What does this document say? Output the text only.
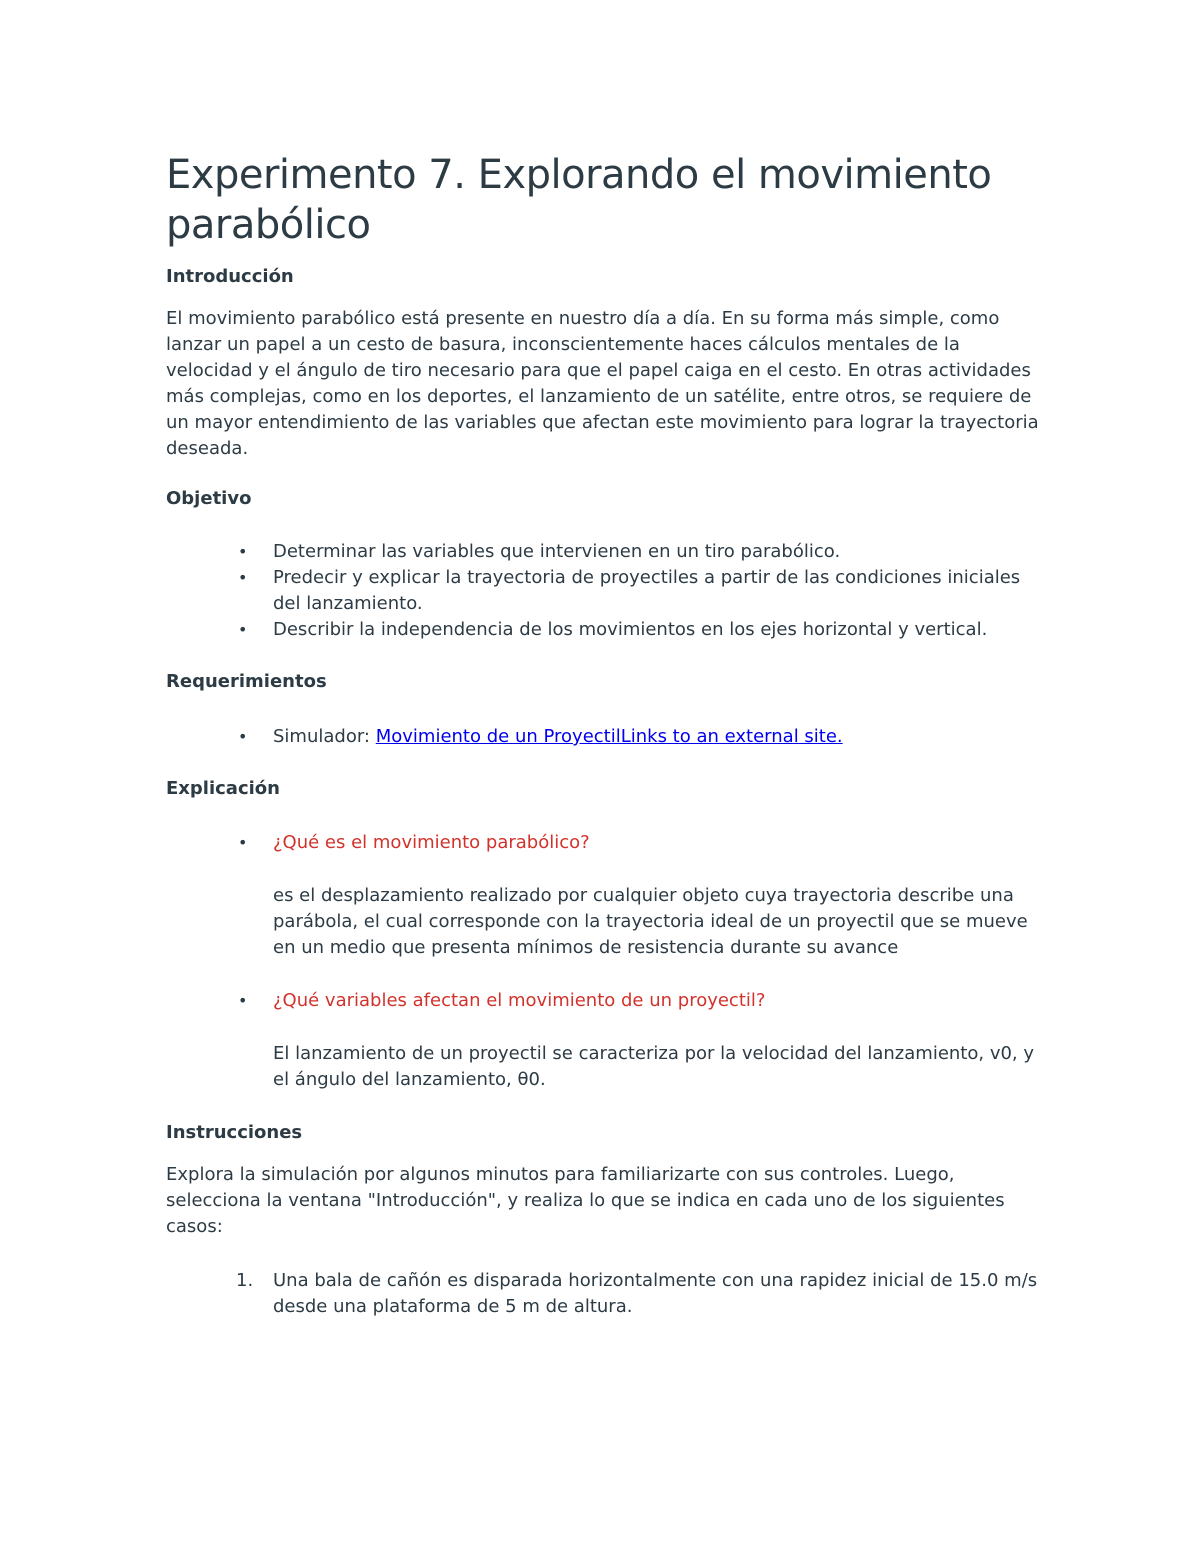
Experimento 7. Explorando el movimiento
parabólico
Introducción

El movimiento parabólico está presente en nuestro día a día. En su forma más simple, como lanzar un papel a un cesto de basura, inconscientemente haces cálculos mentales de la velocidad y el ángulo de tiro necesario para que el papel caiga en el cesto. En otras actividades más complejas, como en los deportes, el lanzamiento de un satélite, entre otros, se requiere de un mayor entendimiento de las variables que afectan este movimiento para lograr la trayectoria deseada.

Objetivo
• Determinar las variables que intervienen en un tiro parabólico.
• Predecir y explicar la trayectoria de proyectiles a partir de las condiciones iniciales del lanzamiento.
• Describir la independencia de los movimientos en los ejes horizontal y vertical.
Requerimientos
• Simulador: Movimiento de un ProyectilLinks to an external site.
Explicación
• ¿Qué es el movimiento parabólico?

es el desplazamiento realizado por cualquier objeto cuya trayectoria describe una parábola, el cual corresponde con la trayectoria ideal de un proyectil que se mueve en un medio que presenta mínimos de resistencia durante su avance

• ¿Qué variables afectan el movimiento de un proyectil?

El lanzamiento de un proyectil se caracteriza por la velocidad del lanzamiento, v0, y el ángulo del lanzamiento, θ0.

Instrucciones

Explora la simulación por algunos minutos para familiarizarte con sus controles. Luego, selecciona la ventana "Introducción", y realiza lo que se indica en cada uno de los siguientes casos:

1. Una bala de cañón es disparada horizontalmente con una rapidez inicial de 15.0 m/s desde una plataforma de 5 m de altura.
